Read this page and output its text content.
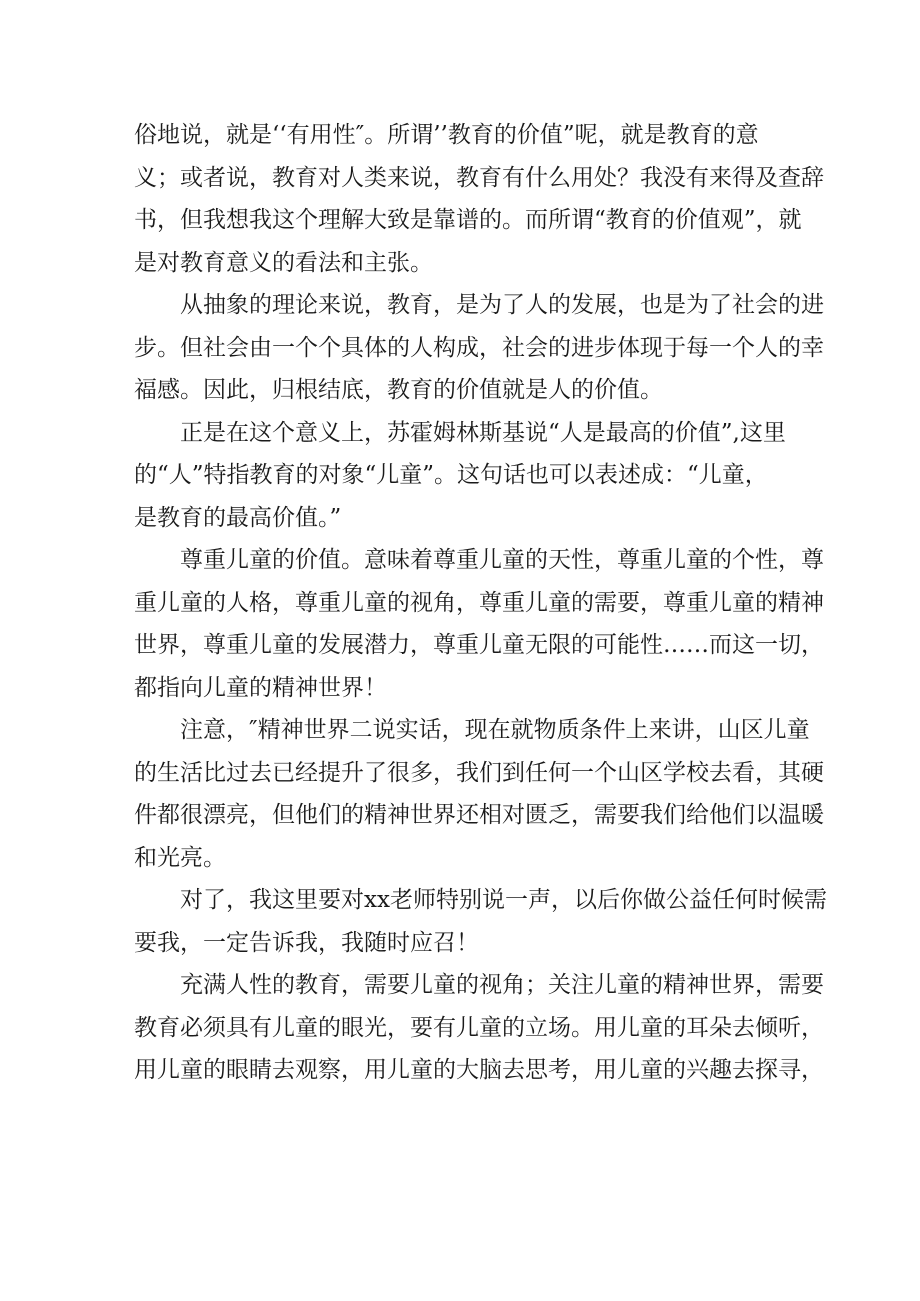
俗地说，就是‘‘有用性″。所谓’’教育的价值”呢，就是教育的意
义；或者说，教育对人类来说，教育有什么用处？我没有来得及查辞
书，但我想我这个理解大致是靠谱的。而所谓“教育的价值观”，就
是对教育意义的看法和主张。

从抽象的理论来说，教育，是为了人的发展，也是为了社会的进
步。但社会由一个个具体的人构成，社会的进步体现于每一个人的幸
福感。因此，归根结底，教育的价值就是人的价值。

正是在这个意义上，苏霍姆林斯基说“人是最高的价值”,这里
的“人”特指教育的对象“儿童”。这句话也可以表述成：“儿童，
是教育的最高价值。”

尊重儿童的价值。意味着尊重儿童的天性，尊重儿童的个性，尊
重儿童的人格，尊重儿童的视角，尊重儿童的需要，尊重儿童的精神
世界，尊重儿童的发展潜力，尊重儿童无限的可能性……而这一切，
都指向儿童的精神世界！

注意，″精神世界二说实话，现在就物质条件上来讲，山区儿童
的生活比过去已经提升了很多，我们到任何一个山区学校去看，其硬
件都很漂亮，但他们的精神世界还相对匮乏，需要我们给他们以温暖
和光亮。

对了，我这里要对xx老师特别说一声，以后你做公益任何时候需
要我，一定告诉我，我随时应召！

充满人性的教育，需要儿童的视角；关注儿童的精神世界，需要
教育必须具有儿童的眼光，要有儿童的立场。用儿童的耳朵去倾听，
用儿童的眼睛去观察，用儿童的大脑去思考，用儿童的兴趣去探寻，
